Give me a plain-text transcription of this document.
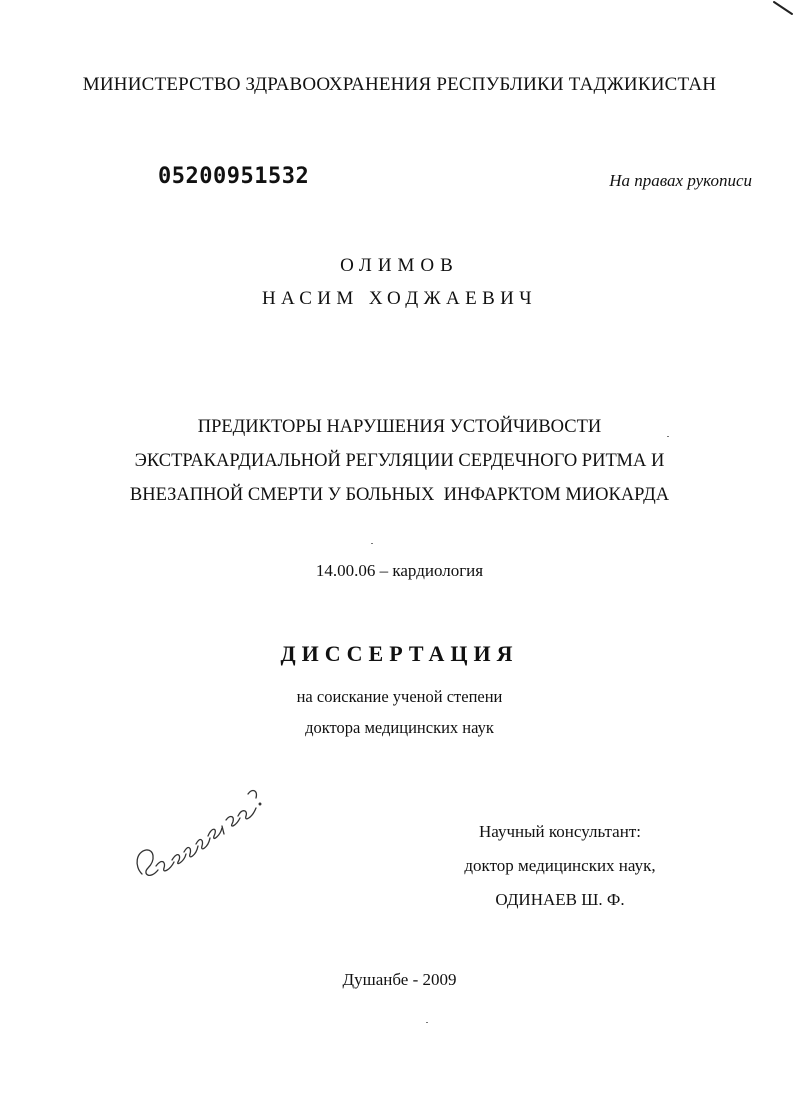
МИНИСТЕРСТВО ЗДРАВООХРАНЕНИЯ РЕСПУБЛИКИ ТАДЖИКИСТАН
05200951532	На правах рукописи
ОЛИМОВ
НАСИМ ХОДЖАЕВИЧ
ПРЕДИКТОРЫ НАРУШЕНИЯ УСТОЙЧИВОСТИ
ЭКСТРАКАРДИАЛЬНОЙ РЕГУЛЯЦИИ СЕРДЕЧНОГО РИТМА И
ВНЕЗАПНОЙ СМЕРТИ У БОЛЬНЫХ  ИНФАРКТОМ МИОКАРДА
14.00.06 – кардиология
ДИССЕРТАЦИЯ
на соискание ученой степени
доктора медицинских наук
Научный консультант:
доктор медицинских наук,
ОДИНАЕВ Ш. Ф.
Душанбе - 2009
